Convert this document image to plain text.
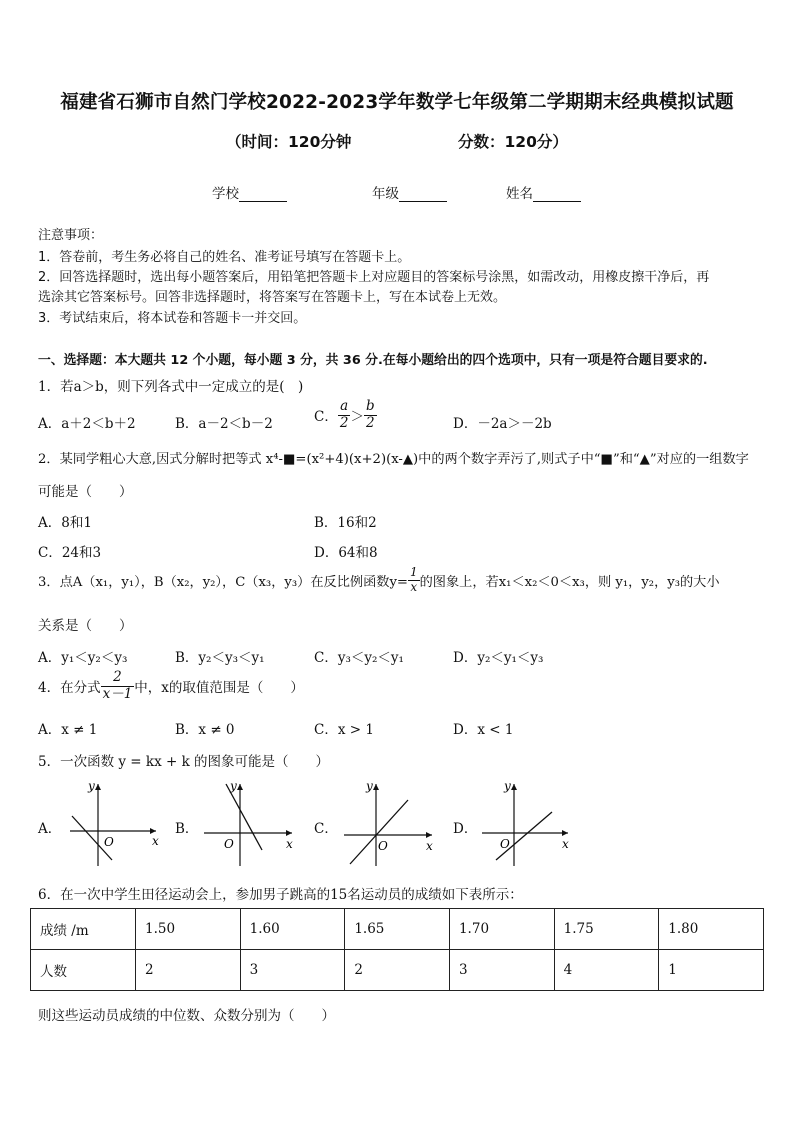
福建省石狮市自然门学校2022-2023学年数学七年级第二学期期末经典模拟试题
（时间：120分钟	分数：120分）
学校	年级	姓名
注意事项：
1．答卷前，考生务必将自己的姓名、准考证号填写在答题卡上。
2．回答选择题时，选出每小题答案后，用铅笔把答题卡上对应题目的答案标号涂黑，如需改动，用橡皮擦干净后，再
选涂其它答案标号。回答非选择题时，将答案写在答题卡上，写在本试卷上无效。
3．考试结束后，将本试卷和答题卡一并交回。
一、选择题：本大题共 12 个小题，每小题 3 分，共 36 分.在每小题给出的四个选项中，只有一项是符合题目要求的.
1．若a＞b，则下列各式中一定成立的是(　)
A．a＋2＜b＋2	B．a－2＜b－2	C． $\frac{a}{2} > \frac{b}{2}$	D．－2a＞－2b
2．某同学粗心大意,因式分解时把等式 x⁴-■=(x²+4)(x+2)(x-▲)中的两个数字弄污了,则式子中“■”和“▲”对应的一组数字
可能是（　　）
A．8和1	B．16和2
C．24和3	D．64和8
3．点A（x₁，y₁），B（x₂，y₂），C（x₃，y₃）在反比例函数$y= \frac{1}{x}$ 的图象上，若x₁＜x₂＜0＜x₃，则 y₁，y₂，y₃的大小
关系是（　　）
A．y₁＜y₂＜y₃	B．y₂＜y₃＜y₁	C．y₃＜y₂＜y₁	D．y₂＜y₁＜y₃
4．在分式 $\frac{2}{x-1}$ 中，x的取值范围是（　　）
A．x ≠ 1	B．x ≠ 0	C．x > 1	D．x < 1
5．一次函数 y = kx + k 的图象可能是（　　）
A．
y
x
O
B．
y
x
O
C．
y
x
O
D．
y
x
O
6．在一次中学生田径运动会上，参加男子跳高的15名运动员的成绩如下表所示：
成绩 /m	1.50	1.60	1.65	1.70	1.75	1.80
人数	2	3	2	3	4	1
则这些运动员成绩的中位数、众数分别为（　　）
